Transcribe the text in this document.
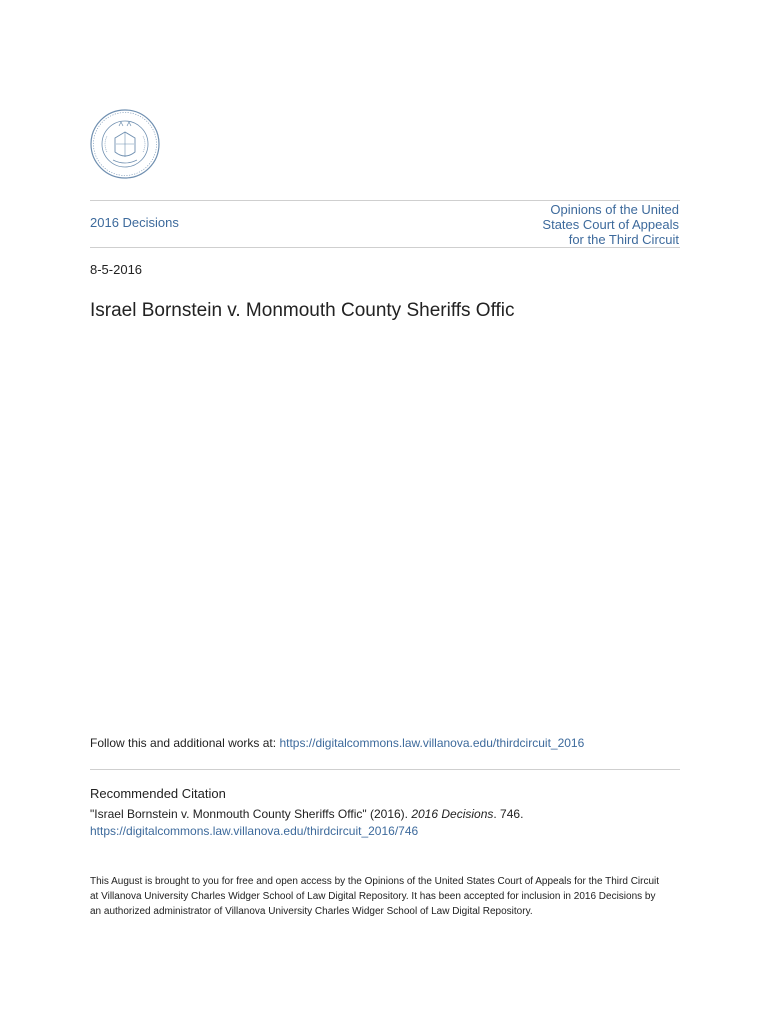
2016 Decisions
Opinions of the United
States Court of Appeals
for the Third Circuit
8-5-2016
Israel Bornstein v. Monmouth County Sheriffs Offic
Follow this and additional works at: https://digitalcommons.law.villanova.edu/thirdcircuit_2016
Recommended Citation
"Israel Bornstein v. Monmouth County Sheriffs Offic" (2016). 2016 Decisions. 746.
https://digitalcommons.law.villanova.edu/thirdcircuit_2016/746
This August is brought to you for free and open access by the Opinions of the United States Court of Appeals for the Third Circuit at Villanova University Charles Widger School of Law Digital Repository. It has been accepted for inclusion in 2016 Decisions by an authorized administrator of Villanova University Charles Widger School of Law Digital Repository.
